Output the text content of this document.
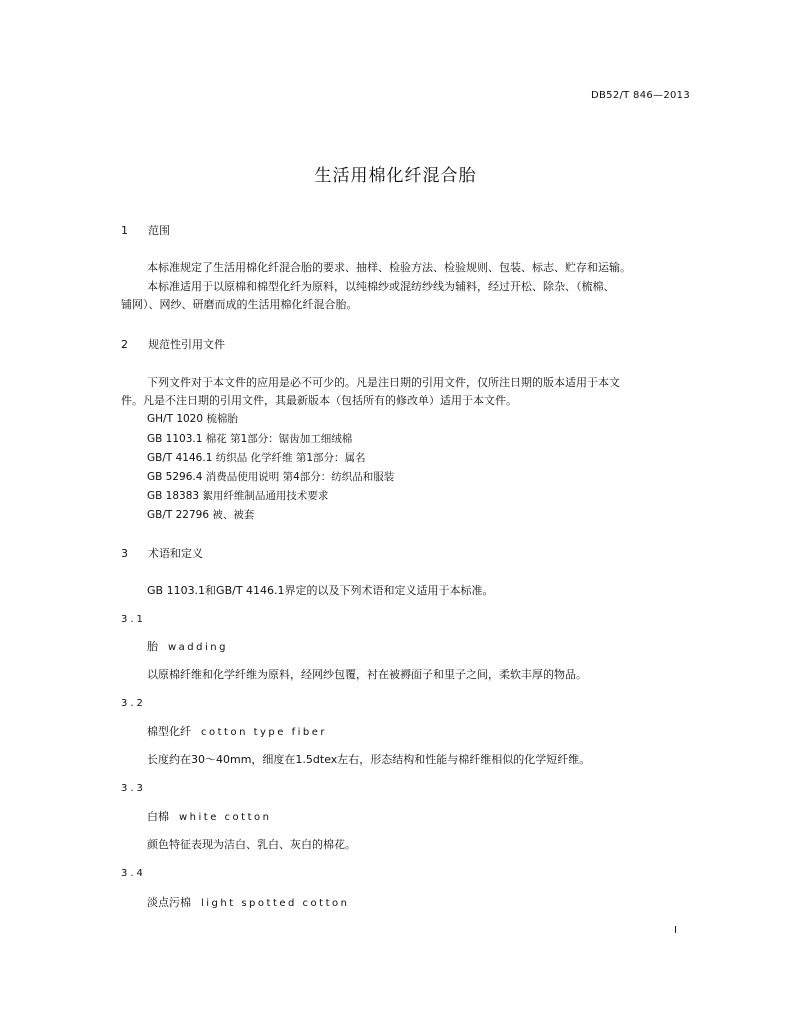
DB52/T 846—2013
生活用棉化纤混合胎
1 范围
本标准规定了生活用棉化纤混合胎的要求、抽样、检验方法、检验规则、包装、标志、贮存和运输。
本标准适用于以原棉和棉型化纤为原料，以纯棉纱或混纺纱线为辅料，经过开松、除杂、（梳棉、
铺网）、网纱、研磨而成的生活用棉化纤混合胎。
2 规范性引用文件
下列文件对于本文件的应用是必不可少的。凡是注日期的引用文件，仅所注日期的版本适用于本文
件。凡是不注日期的引用文件，其最新版本（包括所有的修改单）适用于本文件。
GH/T 1020 梳棉胎
GB 1103.1 棉花 第1部分：锯齿加工细绒棉
GB/T 4146.1 纺织品 化学纤维 第1部分：属名
GB 5296.4 消费品使用说明 第4部分：纺织品和服装
GB 18383 絮用纤维制品通用技术要求
GB/T 22796 被、被套
3 术语和定义
GB 1103.1和GB/T 4146.1界定的以及下列术语和定义适用于本标准。
3.1
胎 wadding
以原棉纤维和化学纤维为原料，经网纱包覆，衬在被褥面子和里子之间，柔软丰厚的物品。
3.2
棉型化纤 cotton type fiber
长度约在30～40mm，细度在1.5dtex左右，形态结构和性能与棉纤维相似的化学短纤维。
3.3
白棉 white cotton
颜色特征表现为洁白、乳白、灰白的棉花。
3.4
淡点污棉 light spotted cotton
I
